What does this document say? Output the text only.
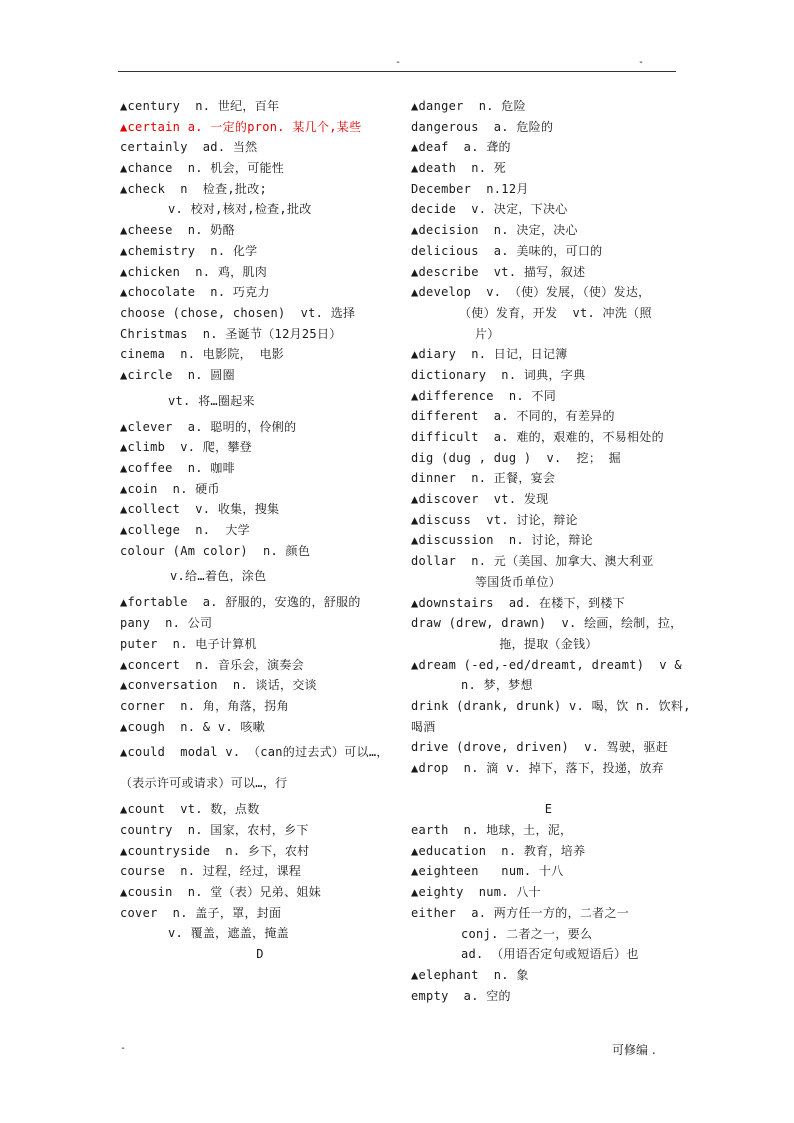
-	-
▲century  n. 世纪，百年
▲certain a. 一定的pron. 某几个,某些
certainly  ad. 当然
▲chance  n. 机会，可能性
▲check  n  检查,批改;
v. 校对,核对,检查,批改
▲cheese  n. 奶酪
▲chemistry  n. 化学
▲chicken  n. 鸡，肌肉
▲chocolate  n. 巧克力
choose (chose, chosen)  vt. 选择
Christmas  n. 圣诞节（12月25日）
cinema  n. 电影院， 电影
▲circle  n. 圆圈
vt. 将…圈起来
▲clever  a. 聪明的，伶俐的
▲climb  v. 爬，攀登
▲coffee  n. 咖啡
▲coin  n. 硬币
▲collect  v. 收集，搜集
▲college  n.  大学
colour (Am color)  n. 颜色
v.给…着色，涂色
▲fortable  a. 舒服的，安逸的，舒服的
pany  n. 公司
puter  n. 电子计算机
▲concert  n. 音乐会，演奏会
▲conversation  n. 谈话，交谈
corner  n. 角，角落，拐角
▲cough  n. & v. 咳嗽
▲could  modal v. （can的过去式）可以…，
（表示许可或请求）可以…，行
▲count  vt. 数，点数
country  n. 国家，农村，乡下
▲countryside  n. 乡下，农村
course  n. 过程，经过，课程
▲cousin  n. 堂（表）兄弟、姐妹
cover  n. 盖子，罩，封面
v. 覆盖，遮盖，掩盖
D
▲danger  n. 危险
dangerous  a. 危险的
▲deaf  a. 聋的
▲death  n. 死
December  n.12月
decide  v. 决定，下决心
▲decision  n. 决定，决心
delicious  a. 美味的，可口的
▲describe  vt. 描写，叙述
▲develop  v. （使）发展，（使）发达，
（使）发育，开发  vt. 冲洗（照
片）
▲diary  n. 日记，日记簿
dictionary  n. 词典，字典
▲difference  n. 不同
different  a. 不同的，有差异的
difficult  a. 难的，艰难的，不易相处的
dig (dug , dug )  v.  挖； 掘
dinner  n. 正餐，宴会
▲discover  vt. 发现
▲discuss  vt. 讨论，辩论
▲discussion  n. 讨论，辩论
dollar  n. 元（美国、加拿大、澳大利亚
等国货币单位）
▲downstairs  ad. 在楼下，到楼下
draw (drew, drawn)  v. 绘画，绘制，拉，
拖，提取（金钱）
▲dream (-ed,-ed/dreamt, dreamt)  v &
n. 梦，梦想
drink (drank, drunk) v. 喝，饮 n. 饮料,
喝酒
drive (drove, driven)  v. 驾驶，驱赶
▲drop  n. 滴 v. 掉下，落下，投递，放弃

E
earth  n. 地球，土，泥，
▲education  n. 教育，培养
▲eighteen   num. 十八
▲eighty  num. 八十
either  a. 两方任一方的，二者之一
conj. 二者之一，要么
ad. （用语否定句或短语后）也
▲elephant  n. 象
empty  a. 空的
-	可修编 .
